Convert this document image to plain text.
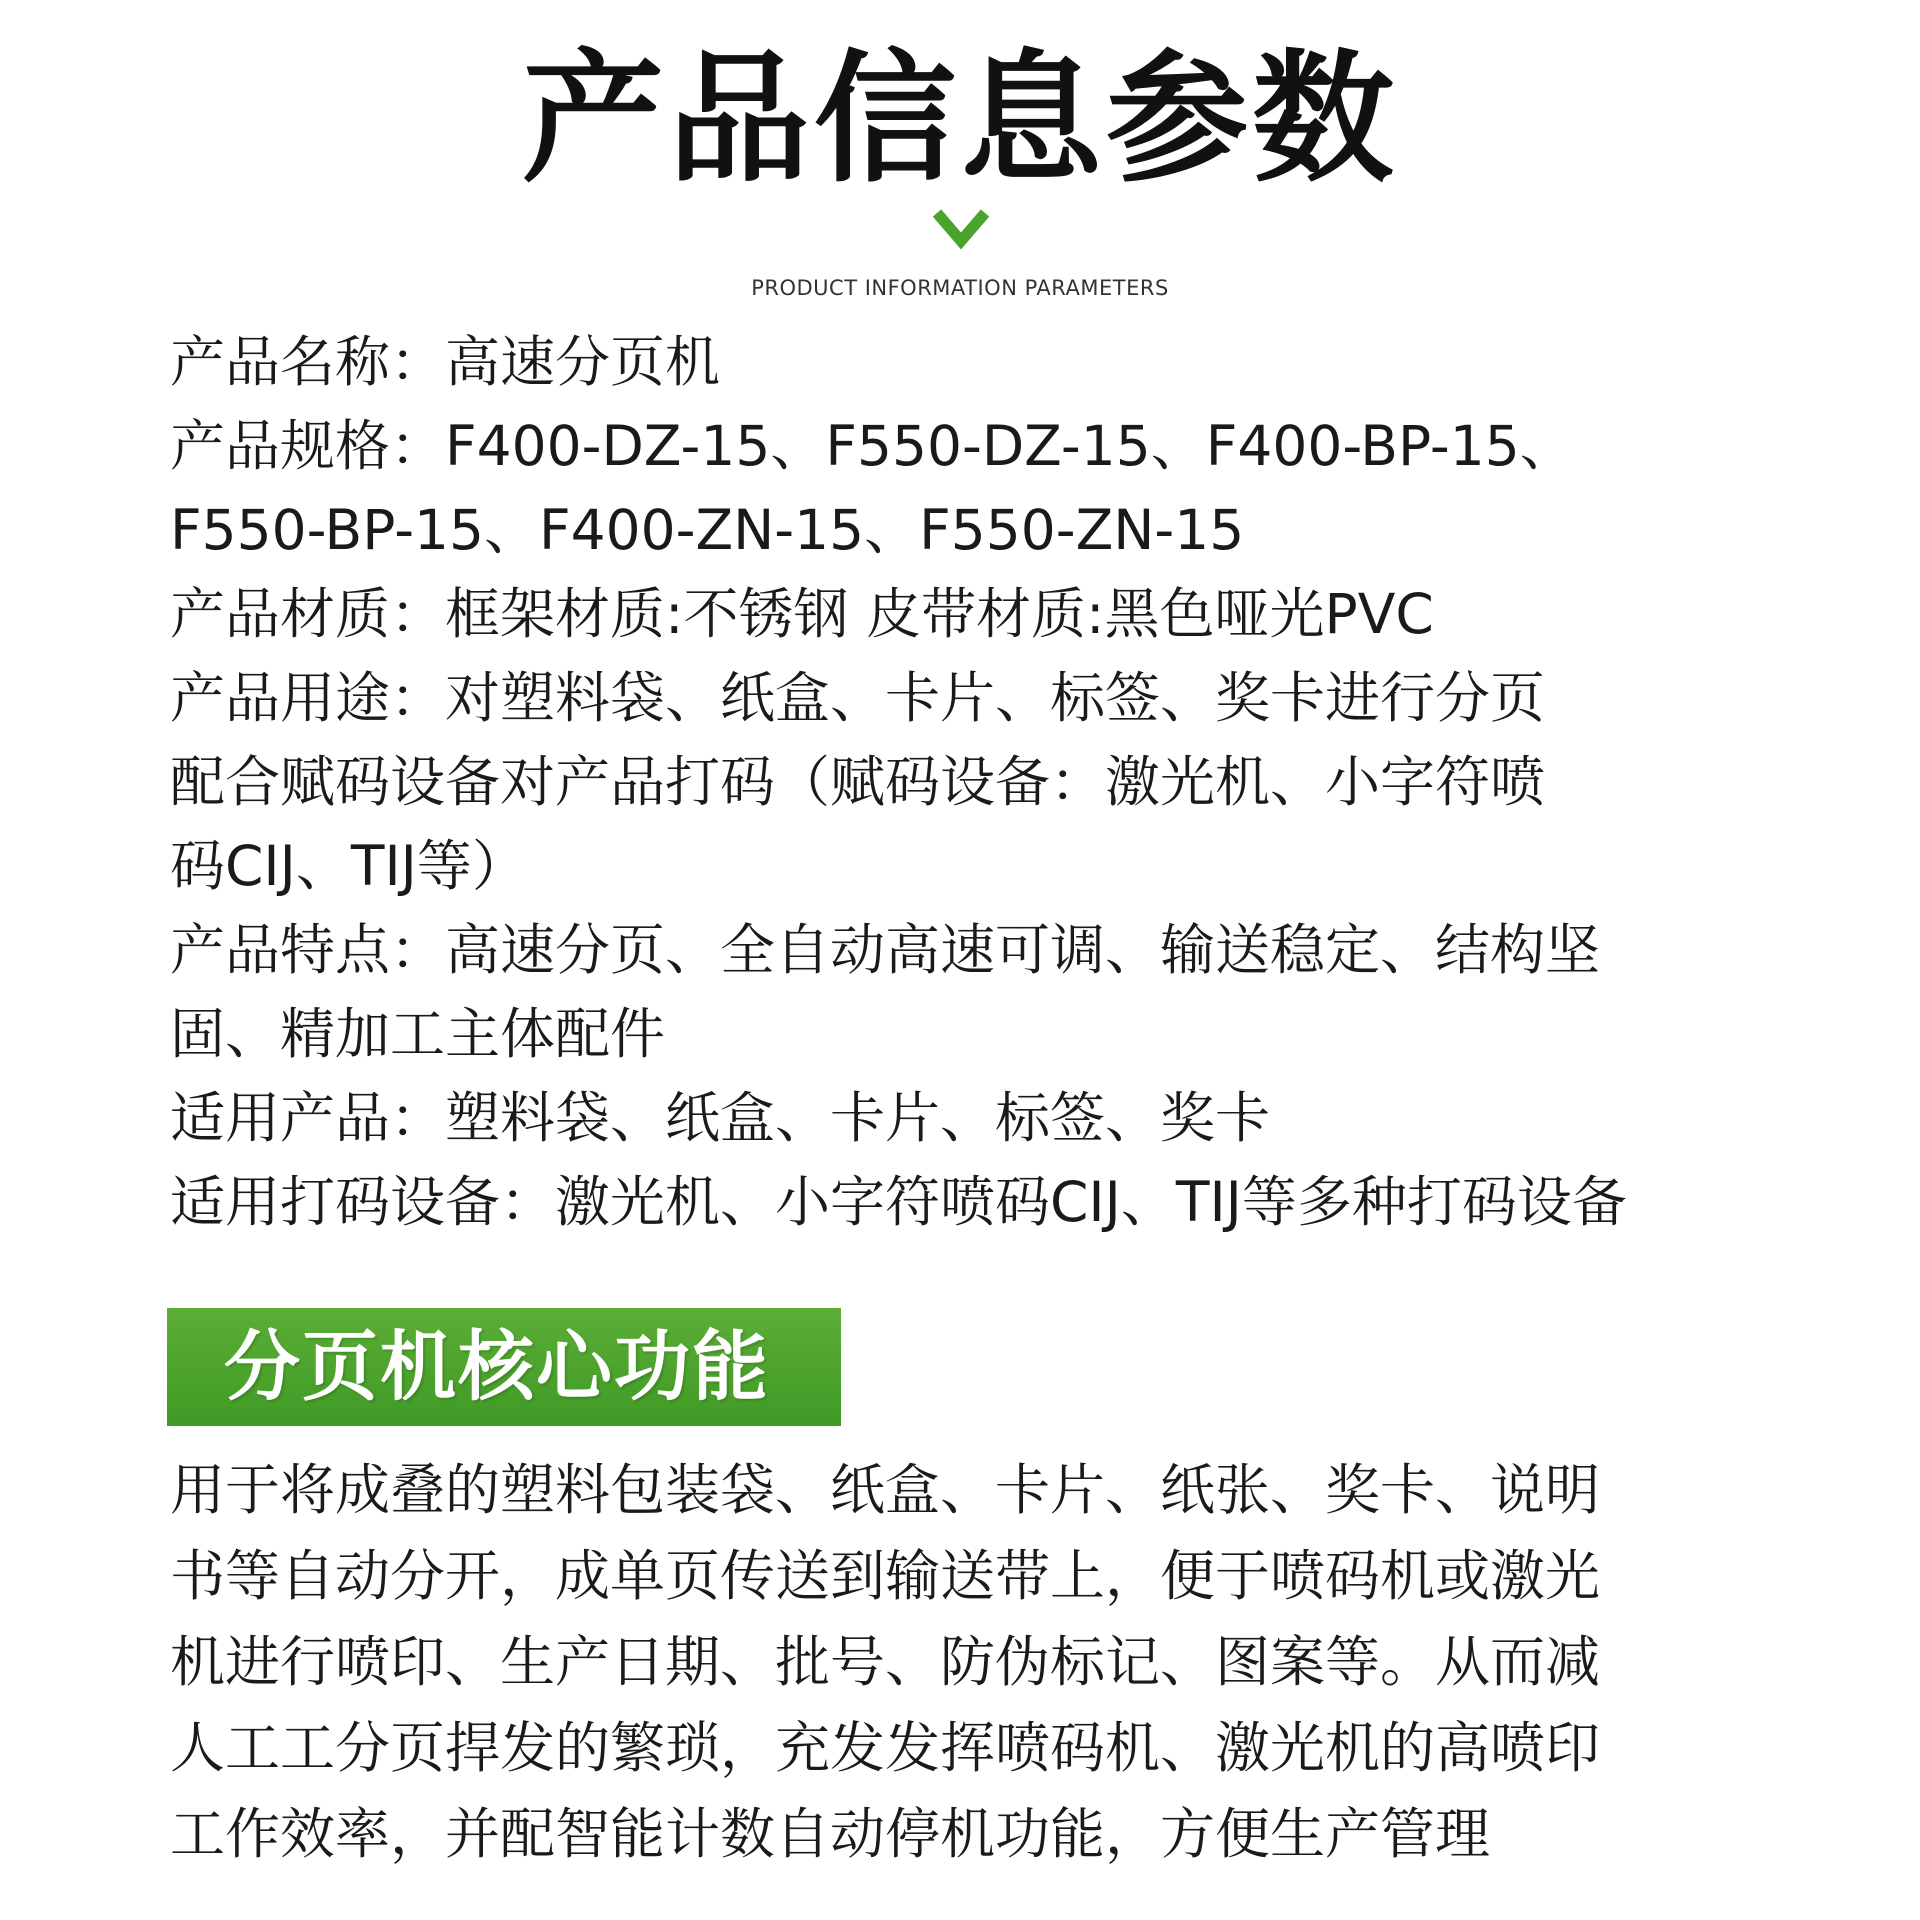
产品信息参数
PRODUCT INFORMATION PARAMETERS
产品名称：高速分页机
产品规格：F400-DZ-15、F550-DZ-15、F400-BP-15、
F550-BP-15、F400-ZN-15、F550-ZN-15
产品材质：框架材质:不锈钢 皮带材质:黑色哑光PVC
产品用途：对塑料袋、纸盒、卡片、标签、奖卡进行分页
配合赋码设备对产品打码（赋码设备：激光机、小字符喷
码CIJ、TIJ等）
产品特点：高速分页、全自动高速可调、输送稳定、结构坚
固、精加工主体配件
适用产品：塑料袋、纸盒、卡片、标签、奖卡
适用打码设备：激光机、小字符喷码CIJ、TIJ等多种打码设备
分页机核心功能

用于将成叠的塑料包装袋、纸盒、卡片、纸张、奖卡、说明
书等自动分开，成单页传送到输送带上，便于喷码机或激光
机进行喷印、生产日期、批号、防伪标记、图案等。从而减
人工工分页捍发的繁琐，充发发挥喷码机、激光机的高喷印
工作效率，并配智能计数自动停机功能，方便生产管理
